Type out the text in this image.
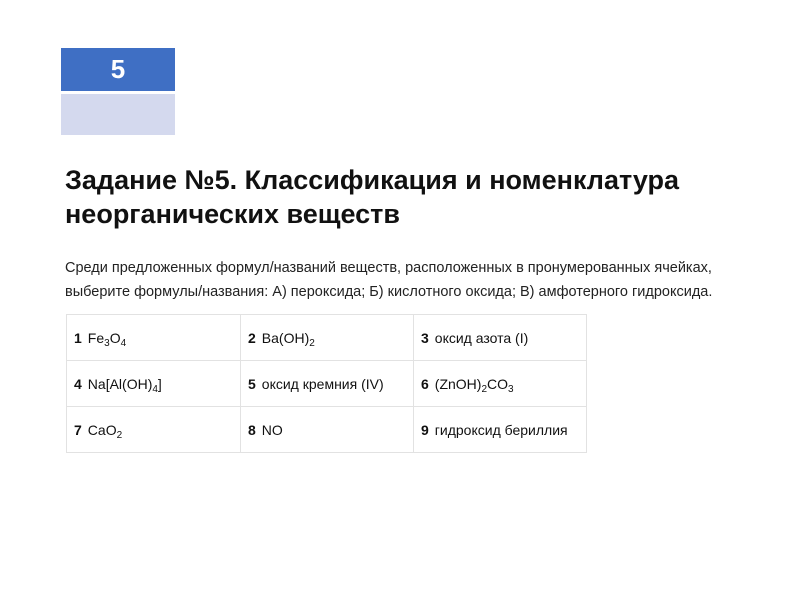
5
Задание №5. Классификация и номенклатура неорганических веществ
Среди предложенных формул/названий веществ, расположенных в пронумерованных ячейках, выберите формулы/названия: А) пероксида; Б) кислотного оксида; В) амфотерного гидроксида.
1 $Fe_3O_4$	2 $Ba(OH)_2$	3 оксид азота (I)
4 $Na[Al(OH)_4]$	5 оксид кремния (IV)	6 $(ZnOH)_2CO_3$
7 CaO$_2$	8 NO	9 гидроксид бериллия
